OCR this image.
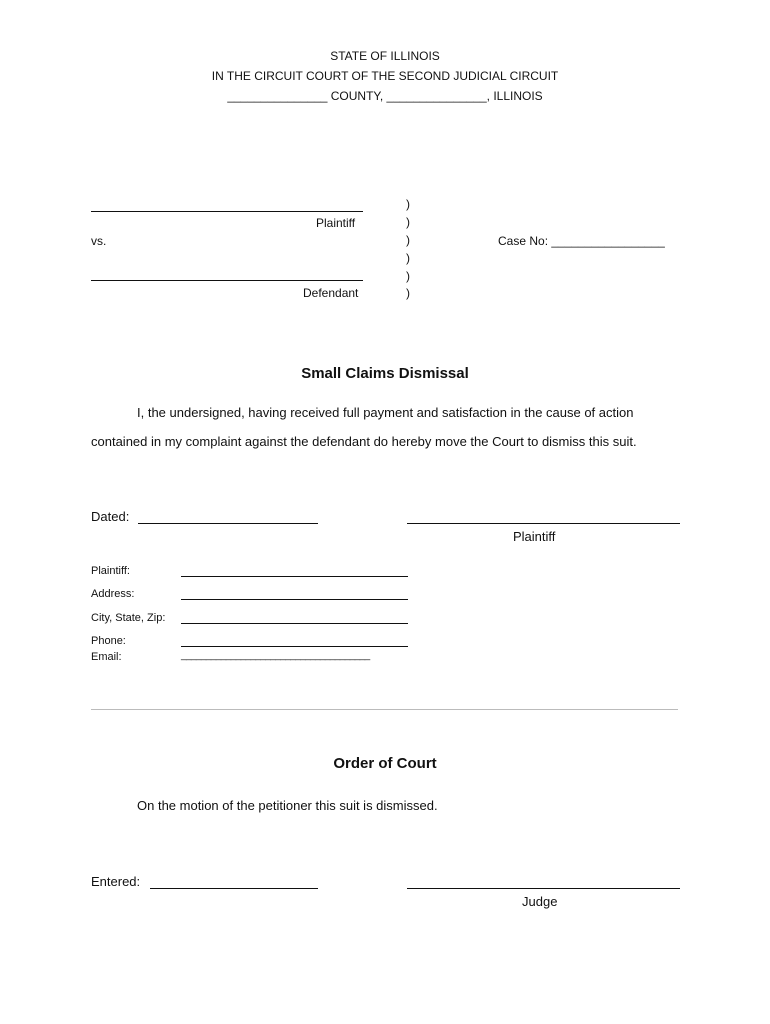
STATE OF ILLINOIS
IN THE CIRCUIT COURT OF THE SECOND JUDICIAL CIRCUIT
_______________ COUNTY, _______________, ILLINOIS
Plaintiff
vs.
Defendant
)
)
)
)
)
)
Case No: _________________
Small Claims Dismissal
I, the undersigned, having received full payment and satisfaction in the cause of action
contained in my complaint against the defendant do hereby move the Court to dismiss this suit.
Dated:
Plaintiff
Plaintiff:
Address:
City, State, Zip:
Phone:
Email:	______________________________________
Order of Court
On the motion of the petitioner this suit is dismissed.
Entered:
Judge
